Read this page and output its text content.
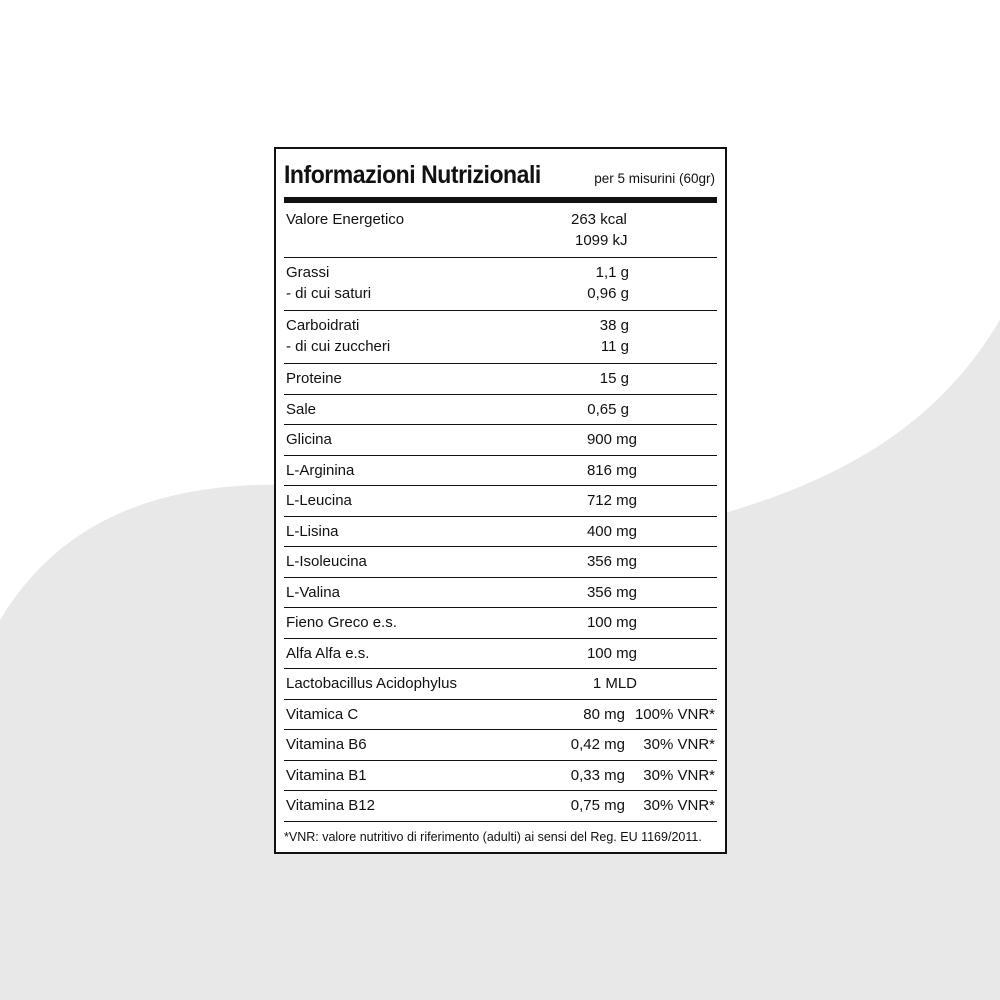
Informazioni Nutrizionali	per 5 misurini (60gr)
Valore Energetico	263 kcal
1099 kJ
Grassi	1,1 g
- di cui saturi	0,96 g
Carboidrati	38 g
- di cui zuccheri	11 g
Proteine	15 g
Sale	0,65 g
Glicina	900 mg
L-Arginina	816 mg
L-Leucina	712 mg
L-Lisina	400 mg
L-Isoleucina	356 mg
L-Valina	356 mg
Fieno Greco e.s.	100 mg
Alfa Alfa e.s.	100 mg
Lactobacillus Acidophylus	1 MLD
Vitamica C	80 mg 100% VNR*
Vitamina B6	0,42 mg 30% VNR*
Vitamina B1	0,33 mg 30% VNR*
Vitamina B12	0,75 mg 30% VNR*
*VNR: valore nutritivo di riferimento (adulti) ai sensi del Reg. EU 1169/2011.
